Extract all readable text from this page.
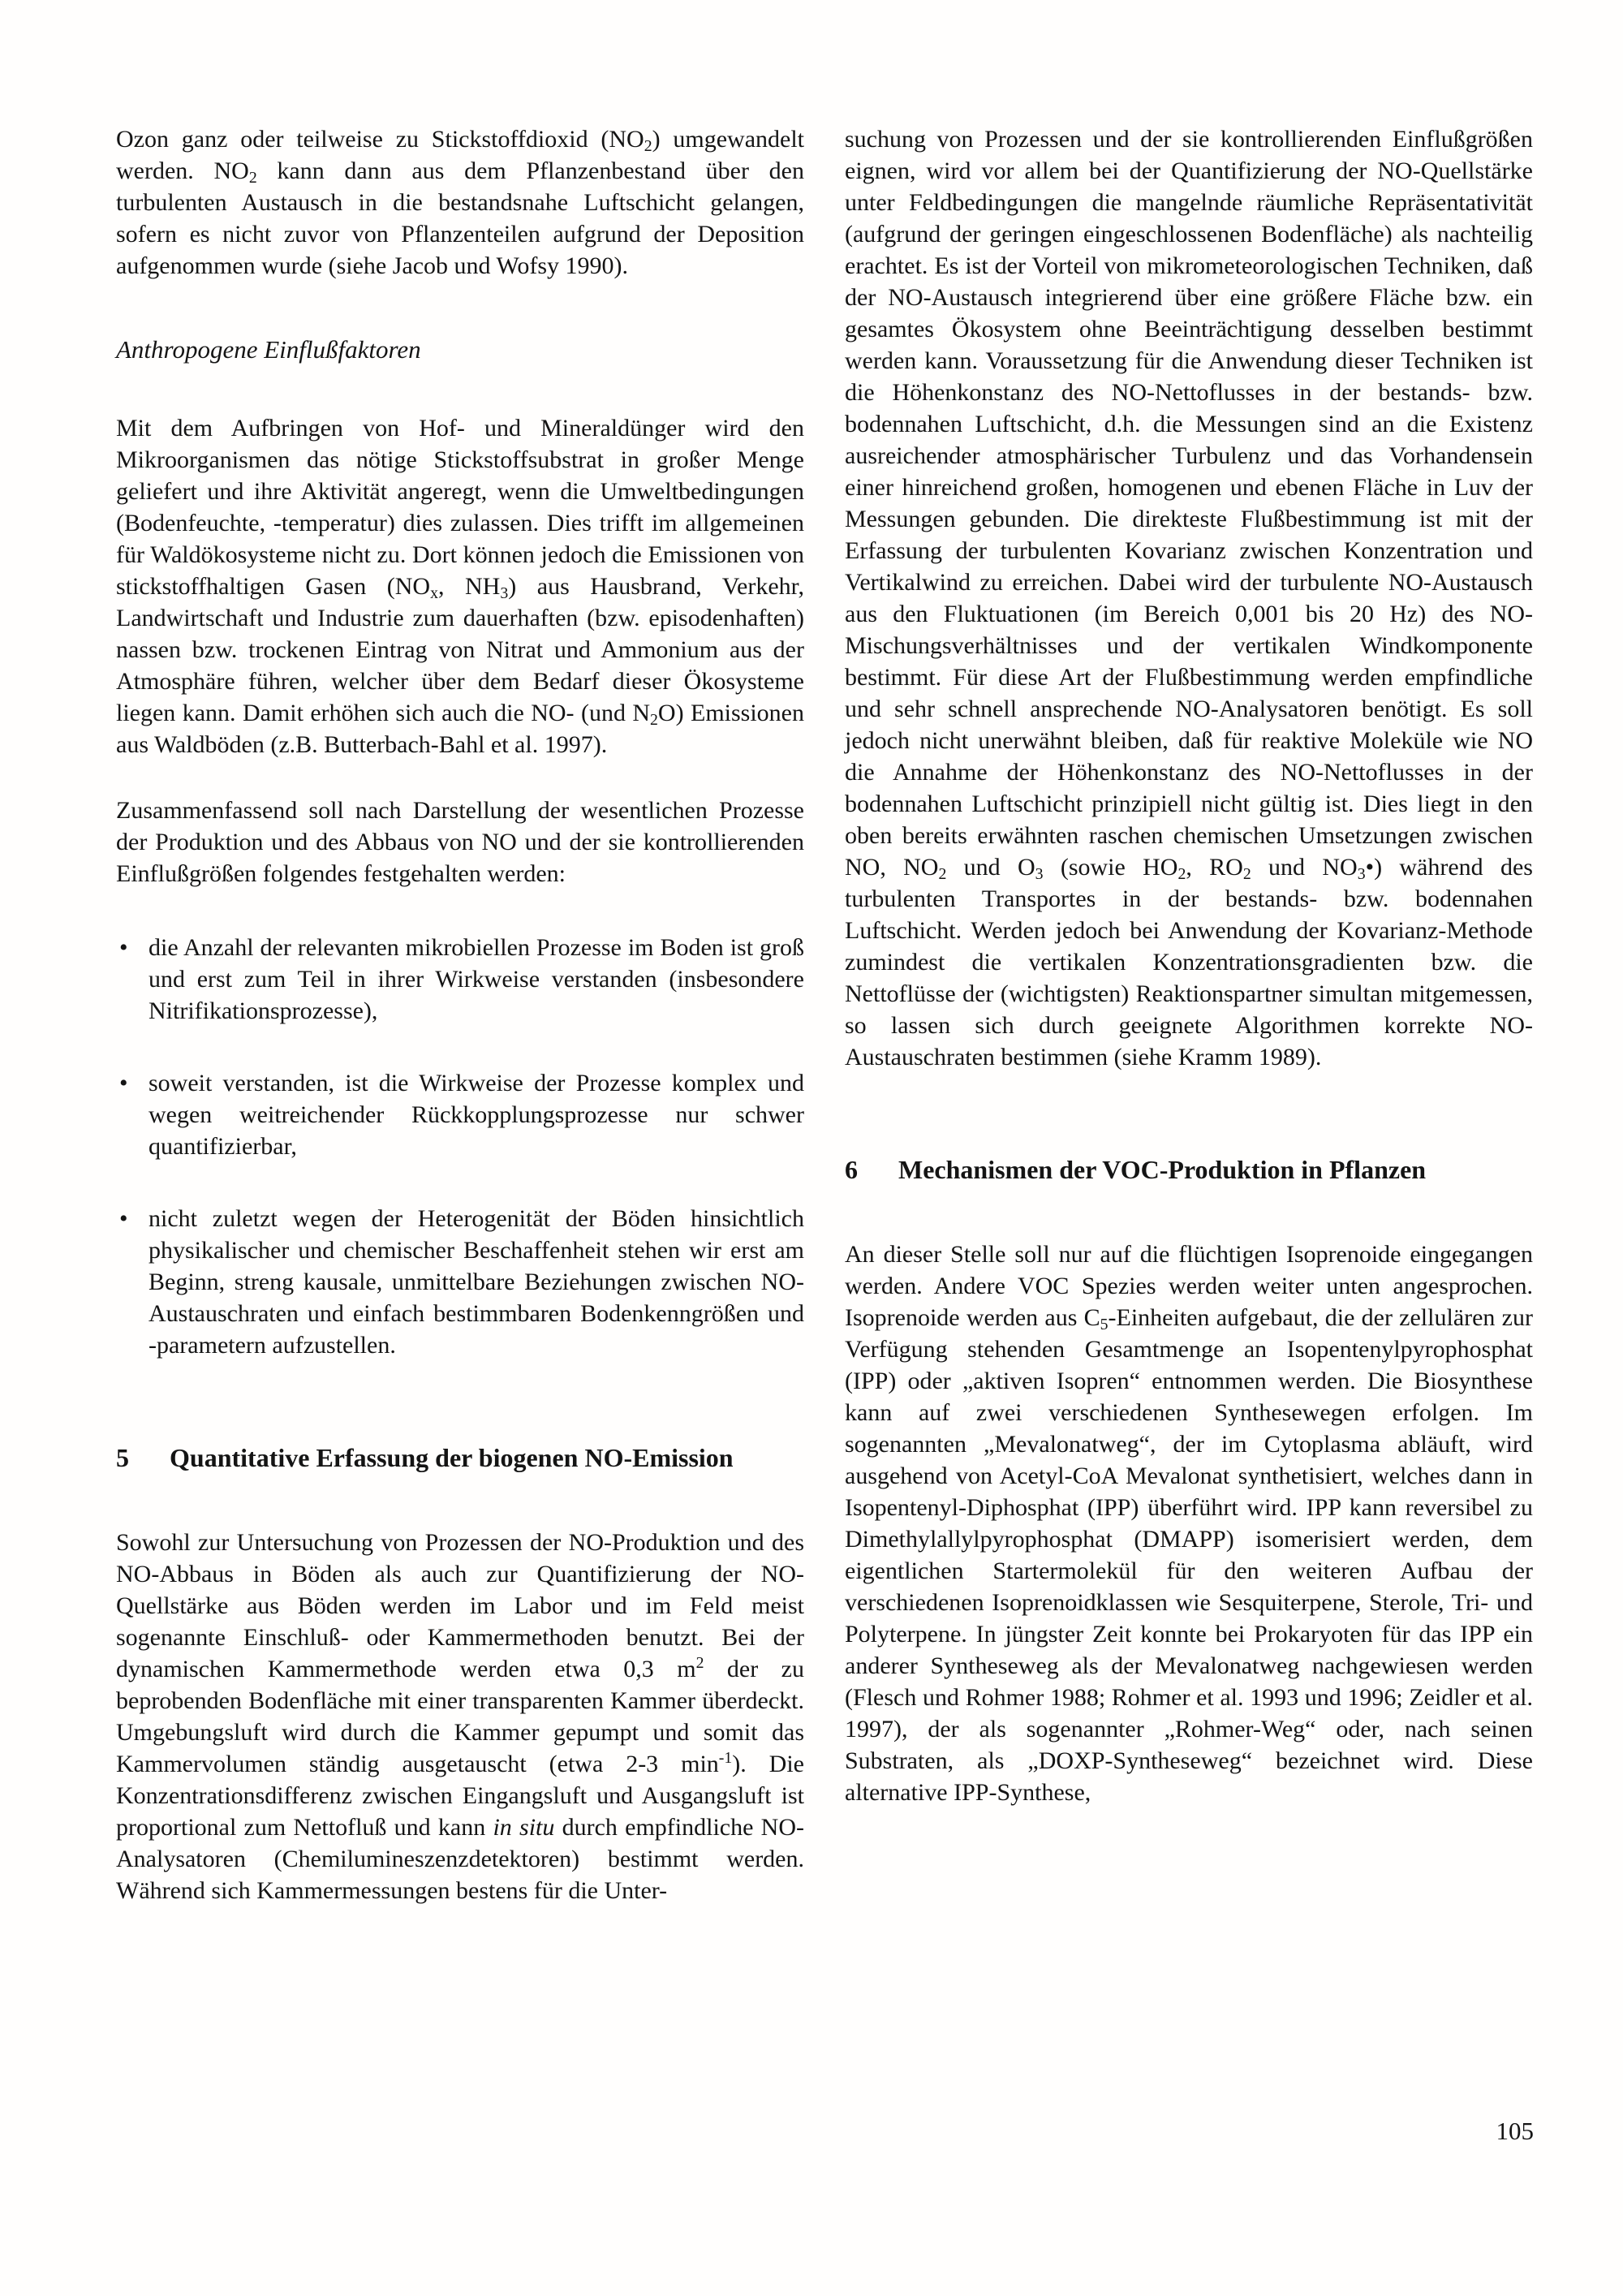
Ozon ganz oder teilweise zu Stickstoffdioxid $(NO_2)$ umgewandelt werden. $NO_2$ kann dann aus dem Pflanzenbestand über den turbulenten Austausch in die bestandsnahe Luftschicht gelangen, sofern es nicht zuvor von Pflanzenteilen aufgrund der Deposition aufgenommen wurde (siehe Jacob und Wofsy 1990).

Anthropogene Einflußfaktoren

Mit dem Aufbringen von Hof- und Mineraldünger wird den Mikroorganismen das nötige Stickstoffsubstrat in großer Menge geliefert und ihre Aktivität angeregt, wenn die Umweltbedingungen (Bodenfeuchte, -temperatur) dies zulassen. Dies trifft im allgemeinen für Waldökosysteme nicht zu. Dort können jedoch die Emissionen von stickstoffhaltigen Gasen ($NO_x$, $NH_3$) aus Hausbrand, Verkehr, Landwirtschaft und Industrie zum dauerhaften (bzw. episodenhaften) nassen bzw. trockenen Eintrag von Nitrat und Ammonium aus der Atmosphäre führen, welcher über dem Bedarf dieser Ökosysteme liegen kann. Damit erhöhen sich auch die NO- (und $N_2O$) Emissionen aus Waldböden (z.B. Butterbach-Bahl et al. 1997).

Zusammenfassend soll nach Darstellung der wesentlichen Prozesse der Produktion und des Abbaus von NO und der sie kontrollierenden Einflußgrößen folgendes festgehalten werden:

• die Anzahl der relevanten mikrobiellen Prozesse im Boden ist groß und erst zum Teil in ihrer Wirkweise verstanden (insbesondere Nitrifikationsprozesse),
• soweit verstanden, ist die Wirkweise der Prozesse komplex und wegen weitreichender Rückkopplungsprozesse nur schwer quantifizierbar,
• nicht zuletzt wegen der Heterogenität der Böden hinsichtlich physikalischer und chemischer Beschaffenheit stehen wir erst am Beginn, streng kausale, unmittelbare Beziehungen zwischen NO-Austauschraten und einfach bestimmbaren Bodenkenngrößen und -parametern aufzustellen.
5 Quantitative Erfassung der biogenen NO-Emission

Sowohl zur Untersuchung von Prozessen der NO-Produktion und des NO-Abbaus in Böden als auch zur Quantifizierung der NO-Quellstärke aus Böden werden im Labor und im Feld meist sogenannte Einschluß- oder Kammermethoden benutzt. Bei der dynamischen Kammermethode werden etwa 0,3 $m^2$ der zu beprobenden Bodenfläche mit einer transparenten Kammer überdeckt. Umgebungsluft wird durch die Kammer gepumpt und somit das Kammervolumen ständig ausgetauscht (etwa 2-3 $\min^{-1}$). Die Konzentrationsdifferenz zwischen Eingangsluft und Ausgangsluft ist proportional zum Nettofluß und kann in situ durch empfindliche NO-Analysatoren (Chemilumineszenzdetektoren) bestimmt werden. Während sich Kammermessungen bestens für die Unter-

suchung von Prozessen und der sie kontrollierenden Einflußgrößen eignen, wird vor allem bei der Quantifizierung der NO-Quellstärke unter Feldbedingungen die mangelnde räumliche Repräsentativität (aufgrund der geringen eingeschlossenen Bodenfläche) als nachteilig erachtet. Es ist der Vorteil von mikrometeorologischen Techniken, daß der NO-Austausch integrierend über eine größere Fläche bzw. ein gesamtes Ökosystem ohne Beeinträchtigung desselben bestimmt werden kann. Voraussetzung für die Anwendung dieser Techniken ist die Höhenkonstanz des NO-Nettoflusses in der bestands- bzw. bodennahen Luftschicht, d.h. die Messungen sind an die Existenz ausreichender atmosphärischer Turbulenz und das Vorhandensein einer hinreichend großen, homogenen und ebenen Fläche in Luv der Messungen gebunden. Die direkteste Flußbestimmung ist mit der Erfassung der turbulenten Kovarianz zwischen Konzentration und Vertikalwind zu erreichen. Dabei wird der turbulente NO-Austausch aus den Fluktuationen (im Bereich 0,001 bis 20 Hz) des NO-Mischungsverhältnisses und der vertikalen Windkomponente bestimmt. Für diese Art der Flußbestimmung werden empfindliche und sehr schnell ansprechende NO-Analysatoren benötigt. Es soll jedoch nicht unerwähnt bleiben, daß für reaktive Moleküle wie NO die Annahme der Höhenkonstanz des NO-Nettoflusses in der bodennahen Luftschicht prinzipiell nicht gültig ist. Dies liegt in den oben bereits erwähnten raschen chemischen Umsetzungen zwischen NO, $NO_2$ und $O_3$ (sowie $HO_2$, $RO_2$ und $NO_3•$) während des turbulenten Transportes in der bestands- bzw. bodennahen Luftschicht. Werden jedoch bei Anwendung der Kovarianz-Methode zumindest die vertikalen Konzentrationsgradienten bzw. die Nettoflüsse der (wichtigsten) Reaktionspartner simultan mitgemessen, so lassen sich durch geeignete Algorithmen korrekte NO-Austauschraten bestimmen (siehe Kramm 1989).

6 Mechanismen der VOC-Produktion in Pflanzen

An dieser Stelle soll nur auf die flüchtigen Isoprenoide eingegangen werden. Andere VOC Spezies werden weiter unten angesprochen. Isoprenoide werden aus $C_5$-Einheiten aufgebaut, die der zellulären zur Verfügung stehenden Gesamtmenge an Isopentenylpyrophosphat (IPP) oder „aktiven Isopren“ entnommen werden. Die Biosynthese kann auf zwei verschiedenen Synthesewegen erfolgen. Im sogenannten „Mevalonatweg“, der im Cytoplasma abläuft, wird ausgehend von Acetyl-CoA Mevalonat synthetisiert, welches dann in Isopentenyl-Diphosphat (IPP) überführt wird. IPP kann reversibel zu Dimethylallylpyrophosphat (DMAPP) isomerisiert werden, dem eigentlichen Startermolekül für den weiteren Aufbau der verschiedenen Isoprenoidklassen wie Sesquiterpene, Sterole, Tri- und Polyterpene. In jüngster Zeit konnte bei Prokaryoten für das IPP ein anderer Syntheseweg als der Mevalonatweg nachgewiesen werden (Flesch und Rohmer 1988; Rohmer et al. 1993 und 1996; Zeidler et al. 1997), der als sogenannter „Rohmer-Weg“ oder, nach seinen Substraten, als „DOXP-Syntheseweg“ bezeichnet wird. Diese alternative IPP-Synthese,

105
